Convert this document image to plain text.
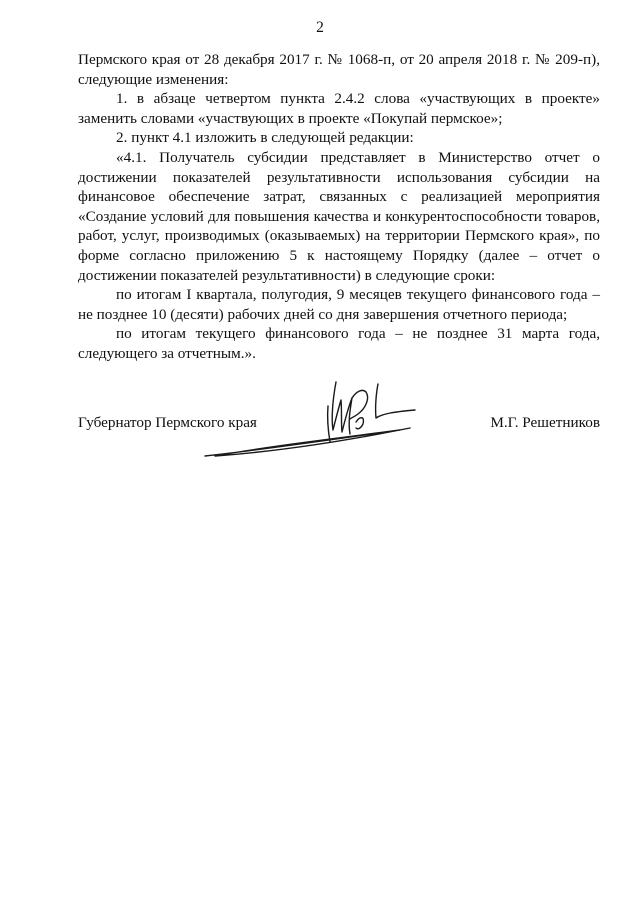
2

Пермского края от 28 декабря 2017 г. № 1068-п, от 20 апреля 2018 г. № 209-п), следующие изменения:

1. в абзаце четвертом пункта 2.4.2 слова «участвующих в проекте» заменить словами «участвующих в проекте «Покупай пермское»;

2. пункт 4.1 изложить в следующей редакции:

«4.1. Получатель субсидии представляет в Министерство отчет о достижении показателей результативности использования субсидии на финансовое обеспечение затрат, связанных с реализацией мероприятия «Создание условий для повышения качества и конкурентоспособности товаров, работ, услуг, производимых (оказываемых) на территории Пермского края», по форме согласно приложению 5 к настоящему Порядку (далее – отчет о достижении показателей результативности) в следующие сроки:

по итогам I квартала, полугодия, 9 месяцев текущего финансового года – не позднее 10 (десяти) рабочих дней со дня завершения отчетного периода;

по итогам текущего финансового года – не позднее 31 марта года, следующего за отчетным.».

Губернатор Пермского края	М.Г. Решетников
